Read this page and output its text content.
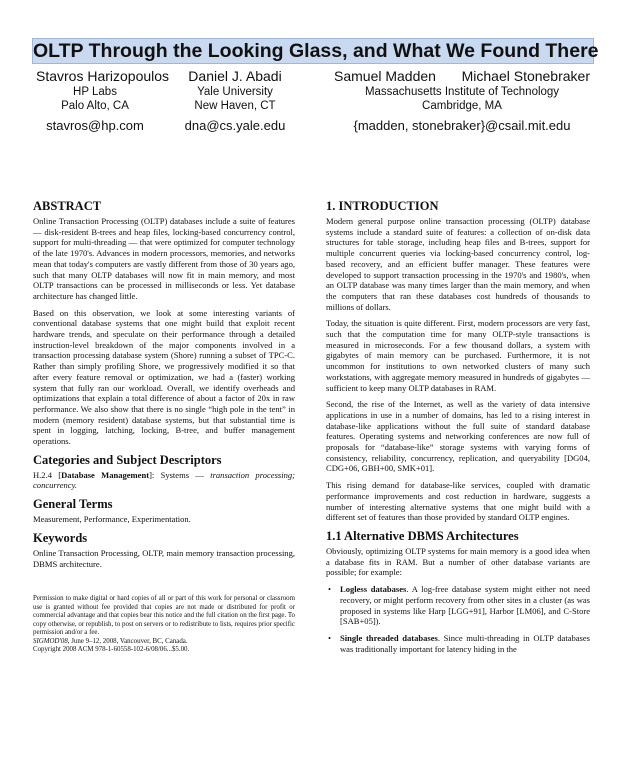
OLTP Through the Looking Glass, and What We Found There
Stavros Harizopoulos
HP Labs
Palo Alto, CA
stavros@hp.com
Daniel J. Abadi
Yale University
New Haven, CT
dna@cs.yale.edu
Samuel Madden Michael Stonebraker
Massachusetts Institute of Technology
Cambridge, MA
{madden, stonebraker}@csail.mit.edu
ABSTRACT
Online Transaction Processing (OLTP) databases include a suite of features — disk-resident B-trees and heap files, locking-based concurrency control, support for multi-threading — that were optimized for computer technology of the late 1970's. Advances in modern processors, memories, and networks mean that today's computers are vastly different from those of 30 years ago, such that many OLTP databases will now fit in main memory, and most OLTP transactions can be processed in milliseconds or less. Yet database architecture has changed little.
Based on this observation, we look at some interesting variants of conventional database systems that one might build that exploit recent hardware trends, and speculate on their performance through a detailed instruction-level breakdown of the major components involved in a transaction processing database system (Shore) running a subset of TPC-C. Rather than simply profiling Shore, we progressively modified it so that after every feature removal or optimization, we had a (faster) working system that fully ran our workload. Overall, we identify overheads and optimizations that explain a total difference of about a factor of 20x in raw performance. We also show that there is no single “high pole in the tent” in modern (memory resident) database systems, but that substantial time is spent in logging, latching, locking, B-tree, and buffer management operations.
Categories and Subject Descriptors
H.2.4 [Database Management]: Systems — transaction processing; concurrency.
General Terms
Measurement, Performance, Experimentation.
Keywords
Online Transaction Processing, OLTP, main memory transaction processing, DBMS architecture.
Permission to make digital or hard copies of all or part of this work for personal or classroom use is granted without fee provided that copies are not made or distributed for profit or commercial advantage and that copies bear this notice and the full citation on the first page. To copy otherwise, or republish, to post on servers or to redistribute to lists, requires prior specific permission and/or a fee.
SIGMOD'08, June 9–12, 2008, Vancouver, BC, Canada.
Copyright 2008 ACM 978-1-60558-102-6/08/06...$5.00.
1. INTRODUCTION
Modern general purpose online transaction processing (OLTP) database systems include a standard suite of features: a collection of on-disk data structures for table storage, including heap files and B-trees, support for multiple concurrent queries via locking-based concurrency control, log-based recovery, and an efficient buffer manager. These features were developed to support transaction processing in the 1970's and 1980's, when an OLTP database was many times larger than the main memory, and when the computers that ran these databases cost hundreds of thousands to millions of dollars.
Today, the situation is quite different. First, modern processors are very fast, such that the computation time for many OLTP-style transactions is measured in microseconds. For a few thousand dollars, a system with gigabytes of main memory can be purchased. Furthermore, it is not uncommon for institutions to own networked clusters of many such workstations, with aggregate memory measured in hundreds of gigabytes — sufficient to keep many OLTP databases in RAM.
Second, the rise of the Internet, as well as the variety of data intensive applications in use in a number of domains, has led to a rising interest in database-like applications without the full suite of standard database features. Operating systems and networking conferences are now full of proposals for “database-like” storage systems with varying forms of consistency, reliability, concurrency, replication, and queryability [DG04, CDG+06, GBH+00, SMK+01].
This rising demand for database-like services, coupled with dramatic performance improvements and cost reduction in hardware, suggests a number of interesting alternative systems that one might build with a different set of features than those provided by standard OLTP engines.
1.1 Alternative DBMS Architectures
Obviously, optimizing OLTP systems for main memory is a good idea when a database fits in RAM. But a number of other database variants are possible; for example:
• Logless databases. A log-free database system might either not need recovery, or might perform recovery from other sites in a cluster (as was proposed in systems like Harp [LGG+91], Harbor [LM06], and C-Store [SAB+05]).
• Single threaded databases. Since multi-threading in OLTP databases was traditionally important for latency hiding in the
